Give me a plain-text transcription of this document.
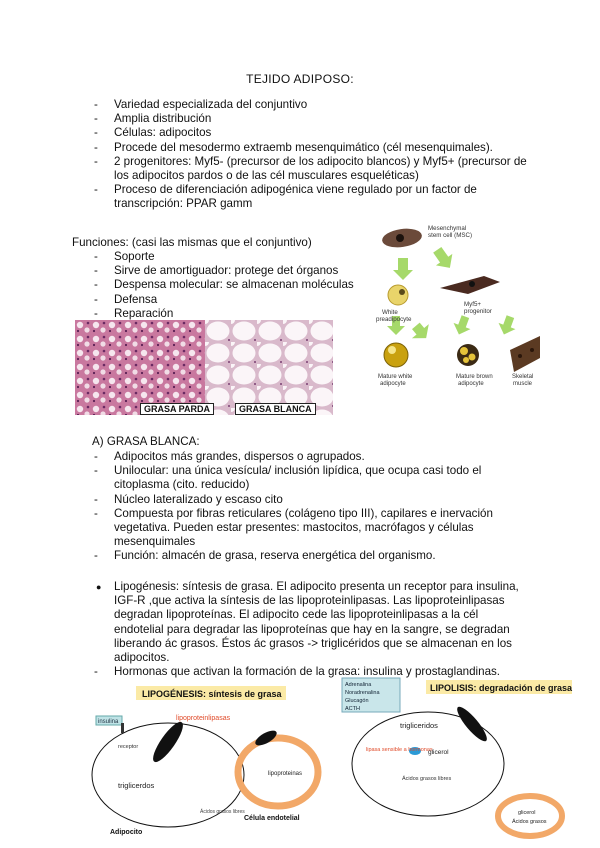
TEJIDO ADIPOSO:
- Variedad especializada del conjuntivo
- Amplia distribución
- Células: adipocitos
- Procede del mesodermo extraemb mesenquimático (cél mesenquimales).
- 2 progenitores: Myf5- (precursor de los adipocito blancos) y Myf5+ (precursor de los adipocitos pardos o de las cél musculares esqueléticas)
- Proceso de diferenciación adipogénica viene regulado por un factor de transcripción: PPAR gamm
Funciones: (casi las mismas que el conjuntivo)
- Soporte
- Sirve de amortiguador: protege det órganos
- Despensa molecular: se almacenan moléculas
- Defensa
- Reparación
GRASA PARDA	GRASA BLANCA
Mesenchymal
stem cell (MSC)
White
preadipocyte
Myf5+
progenitor
Mature white
adipocyte
Mature brown
adipocyte
Skeletal
muscle
A) GRASA BLANCA:
- Adipocitos más grandes, dispersos o agrupados.
- Unilocular: una única vesícula/ inclusión lipídica, que ocupa casi todo el citoplasma (cito. reducido)
- Núcleo lateralizado y escaso cito
- Compuesta por fibras reticulares (colágeno tipo III), capilares e inervación vegetativa. Pueden estar presentes: mastocitos, macrófagos y células mesenquimales
- Función: almacén de grasa, reserva energética del organismo.
● Lipogénesis: síntesis de grasa. El adipocito presenta un receptor para insulina, IGF-R ,que activa la síntesis de las lipoproteinlipasas. Las lipoproteinlipasas degradan lipoproteínas. El adipocito cede las lipoproteinlipasas a la cél endotelial para degradar las lipoproteínas que hay en la sangre, se degradan liberando ác grasos. Éstos ác grasos -> triglicéridos que se almacenan en los adipocitos.
- Hormonas que activan la formación de la grasa: insulina y prostaglandinas.
LIPOGÉNESIS: síntesis de grasa
insulina
receptor
lipoproteinlipasas
triglicerdos
lipoproteinas
Ácidos grasos libres
Célula endotelial
Adipocito
Adrenalina
Noradrenalina
Glucagón
ACTH
LIPOLISIS: degradación de grasa
trigliceridos
lipasa sensible a hormonas
glicerol
Ácidos grasos libres
glicerol
Ácidos grasos
